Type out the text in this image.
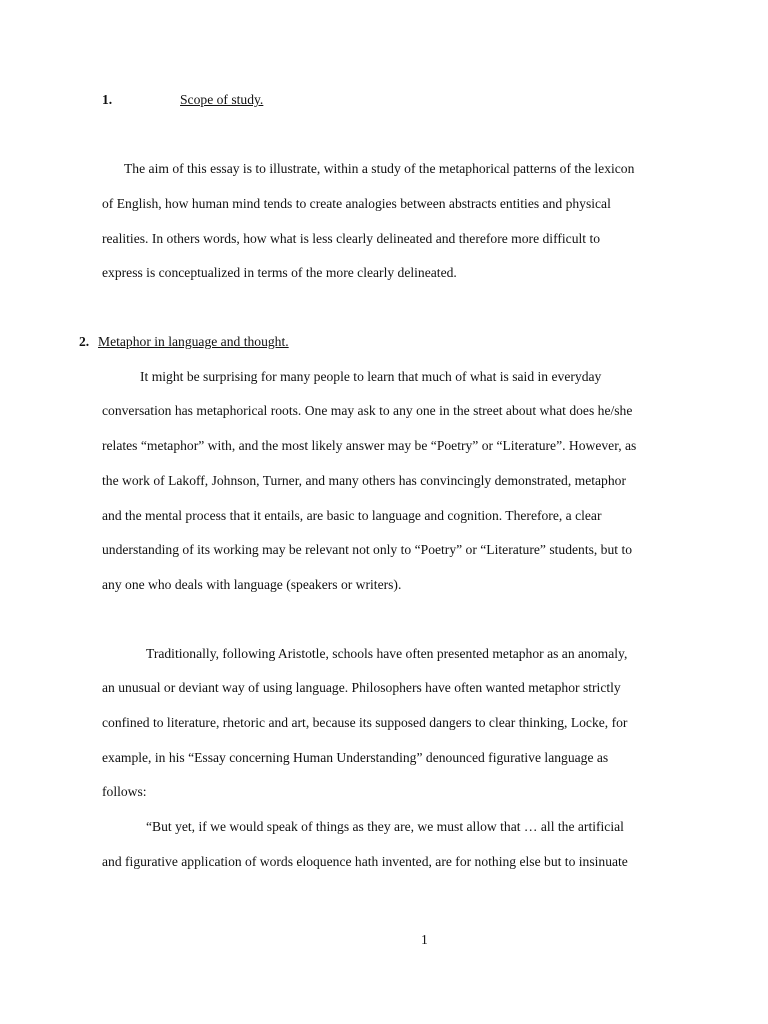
1.	Scope of study.
The aim of this essay is to illustrate, within a study of the metaphorical patterns of the lexicon
of English, how human mind tends to create analogies between abstracts entities and physical
realities. In others words, how what is less clearly delineated and therefore more difficult to
express is conceptualized in terms of the more clearly delineated.
2. Metaphor in language and thought.
It might be surprising for many people to learn that much of what is said in everyday
conversation has metaphorical roots. One may ask to any one in the street about what does he/she
relates “metaphor” with, and the most likely answer may be “Poetry” or “Literature”. However, as
the work of Lakoff, Johnson, Turner, and many others has convincingly demonstrated, metaphor
and the mental process that it entails, are basic to language and cognition. Therefore, a clear
understanding of its working may be relevant not only to “Poetry” or “Literature” students, but to
any one who deals with language (speakers or writers).
Traditionally, following Aristotle, schools have often presented metaphor as an anomaly,
an unusual or deviant way of using language. Philosophers have often wanted metaphor strictly
confined to literature, rhetoric and art, because its supposed dangers to clear thinking, Locke, for
example, in his “Essay concerning Human Understanding” denounced figurative language as
follows:
“But yet, if we would speak of things as they are, we must allow that … all the artificial
and figurative application of words eloquence hath invented, are for nothing else but to insinuate
1
